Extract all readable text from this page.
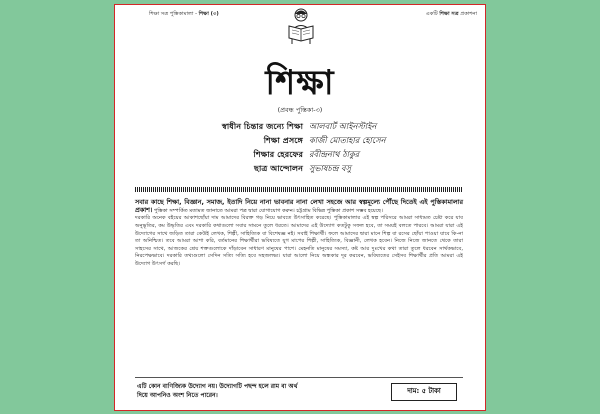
শিক্ষা সত্র পুস্তিকামালা - শিক্ষা (৩)	একটি শিক্ষা সত্র প্রকাশনা
শিক্ষা
(প্রবন্ধ পুস্তিকা-৩)
স্বাধীন চিন্তার জন্যে শিক্ষা আলবার্ট আইনস্টাইন
শিক্ষা প্রসঙ্গে কাজী মোতাহার হোসেন
শিক্ষার হেরফের রবীন্দ্রনাথ ঠাকুর
ছাত্র আন্দোলন সুভাষচন্দ্র বসু

সবার কাছে শিক্ষা, বিজ্ঞান, সমাজ, ইতাদি নিয়ে নানা ভাবনার নানা লেখা সহজে আর স্বল্পমূল্যে পৌঁছে দিতেই এই পুস্তিকামালার প্রকাশ। পুস্তিকা সম্পর্কিত মতামত জানাতে আমরা পত্র দ্বারা যোগাযোগ করুন। চট্টগ্রাম বিভিন্ন পুস্তিকা প্রকাশ সম্ভব হয়েছে।

দরকারি অনেক বইয়ের আকাশছোঁয়া দাম আমাদের বিরক্ত গড় নিয়ে ভাবতে উৎসাহিত করেছে। পুস্তিকামালার এই স্বল্প পরিসরে আমরা সাধ্যমত চেষ্টা করে যাব অনুভূতির, কম উদ্ধৃতির এবং দরকারি কথাগুলো সবার সামনে তুলে ধরতে। আমাদের এই উদ্যোগ কতটুকু সফল হবে, তা সময়ই বলতে পারবে। আমরা যারা এই উদ্যোগের সাথে জড়িত তারা কেউই লেখক, শিল্পী, সাহিত্যিক বা বিশেষজ্ঞ নই। সবাই শিক্ষার্থী। ফলে আমাদের দ্বারা মানে শিল্প বা রসের ছোঁয়া পাওয়া যাবে কি-না তা অনিশ্চিত। তবে আমরা আশা করি, বর্তমানের শিক্ষার্থীরা ভবিষ্যতে যুগ মাপের শিল্পী, সাহিত্যিক, বিজ্ঞানী, লেখক হবেন। নিজে নিজে জানতে থেকে তারা সাহসের সাথে, আজকের শ্রেয় শক্তগুলোকে দাঁড়াবেন সাধারণ মানুষের পাশে। মেহনতি মানুষের সমস্যা, কষ্ট আর দুঃখের কথা তারা তুলে ধরবেন সার্থকভাবে, নিরপেক্ষভাবে। দরকারি তথ্যগুলো সেদিন সত্যি সত্যি হবে সহজলভ্য। যারা আলো নিয়ে অন্ধকার দূর করবেন, ভবিষ্যতের সেইসব শিক্ষার্থীর প্রতি আমরা এই উদ্যোগ উৎসর্গ করছি।

এটি কোন বাণিজ্যিক উদ্যোগ নয়। উদ্যোগটি পছন্দ হলে রাম বা অর্থ
দিয়ে আপনিও অংশ নিতে পারেন।	দাম: ৫ টাকা
